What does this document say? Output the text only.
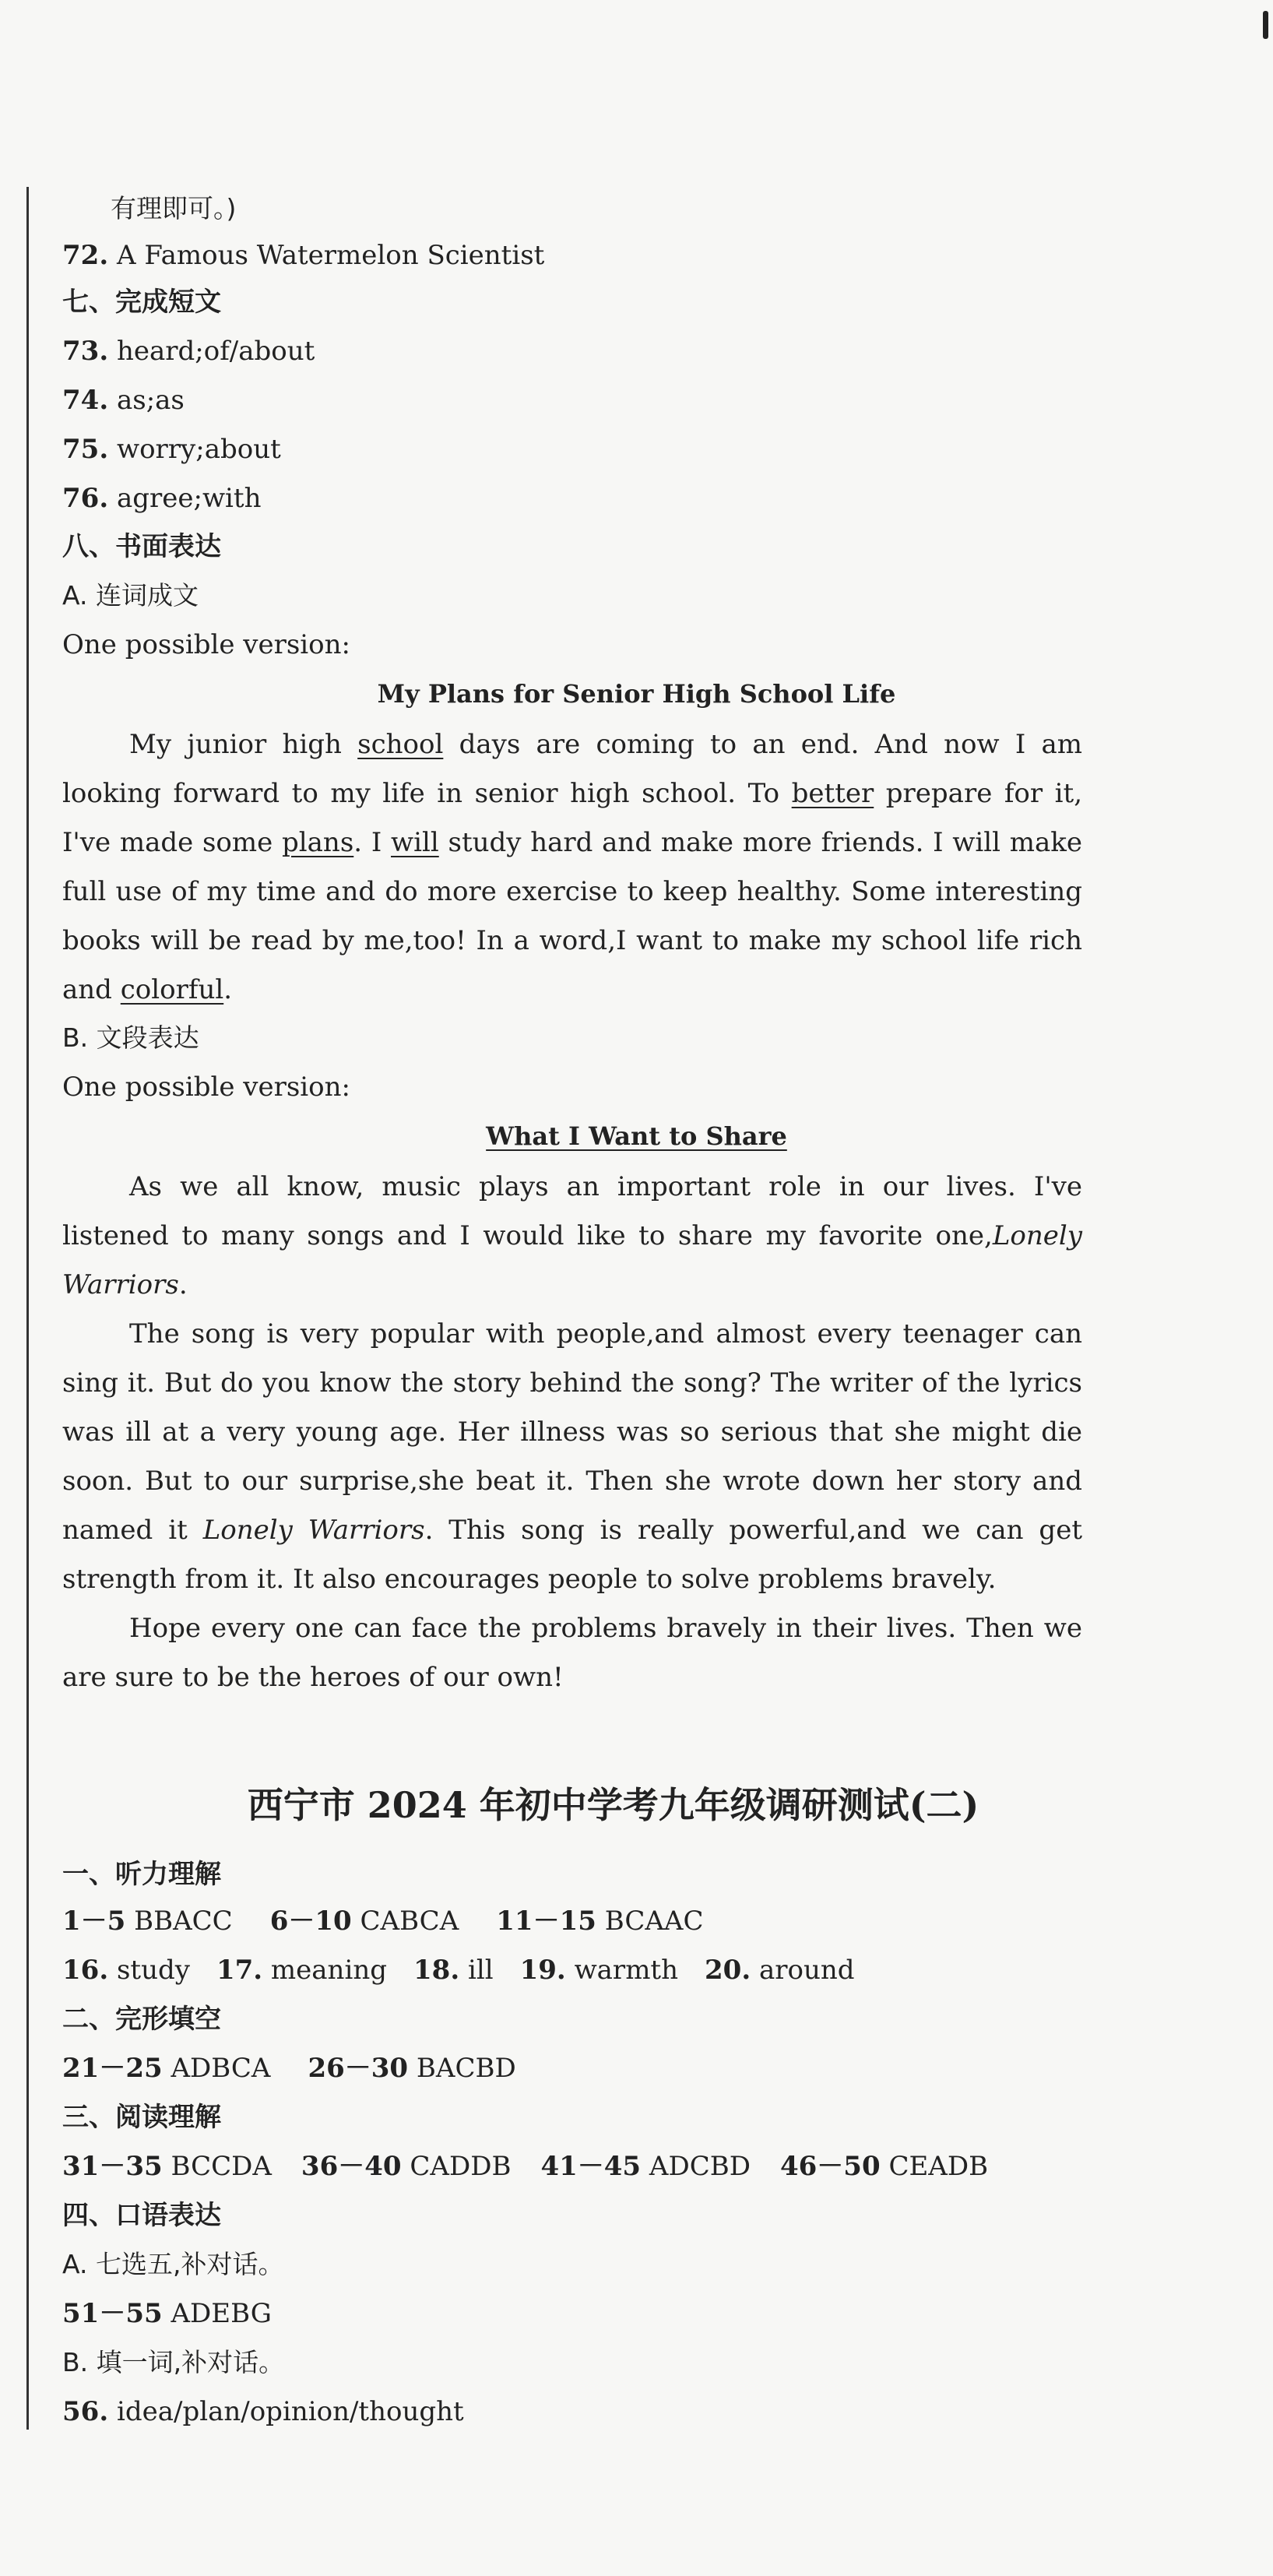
有理即可。)
72. A Famous Watermelon Scientist
七、完成短文
73. heard;of/about
74. as;as
75. worry;about
76. agree;with
八、书面表达
A. 连词成文
One possible version:
My Plans for Senior High School Life

My junior high school days are coming to an end. And now I am looking forward to my life in senior high school. To better prepare for it, I've made some plans. I will study hard and make more friends. I will make full use of my time and do more exercise to keep healthy. Some interesting books will be read by me,too! In a word,I want to make my school life rich and colorful.

B. 文段表达
One possible version:
What I Want to Share

As we all know, music plays an important role in our lives. I've listened to many songs and I would like to share my favorite one,Lonely Warriors.

The song is very popular with people,and almost every teenager can sing it. But do you know the story behind the song? The writer of the lyrics was ill at a very young age. Her illness was so serious that she might die soon. But to our surprise,she beat it. Then she wrote down her story and named it Lonely Warriors. This song is really powerful,and we can get strength from it. It also encourages people to solve problems bravely.

Hope every one can face the problems bravely in their lives. Then we are sure to be the heroes of our own!

西宁市 2024 年初中学考九年级调研测试(二)
一、听力理解
1－5 BBACC 6－10 CABCA 11－15 BCAAC
16. study 17. meaning 18. ill 19. warmth 20. around
二、完形填空
21－25 ADBCA 26－30 BACBD
三、阅读理解
31－35 BCCDA 36－40 CADDB 41－45 ADCBD 46－50 CEADB
四、口语表达
A. 七选五,补对话。
51－55 ADEBG
B. 填一词,补对话。
56. idea/plan/opinion/thought
